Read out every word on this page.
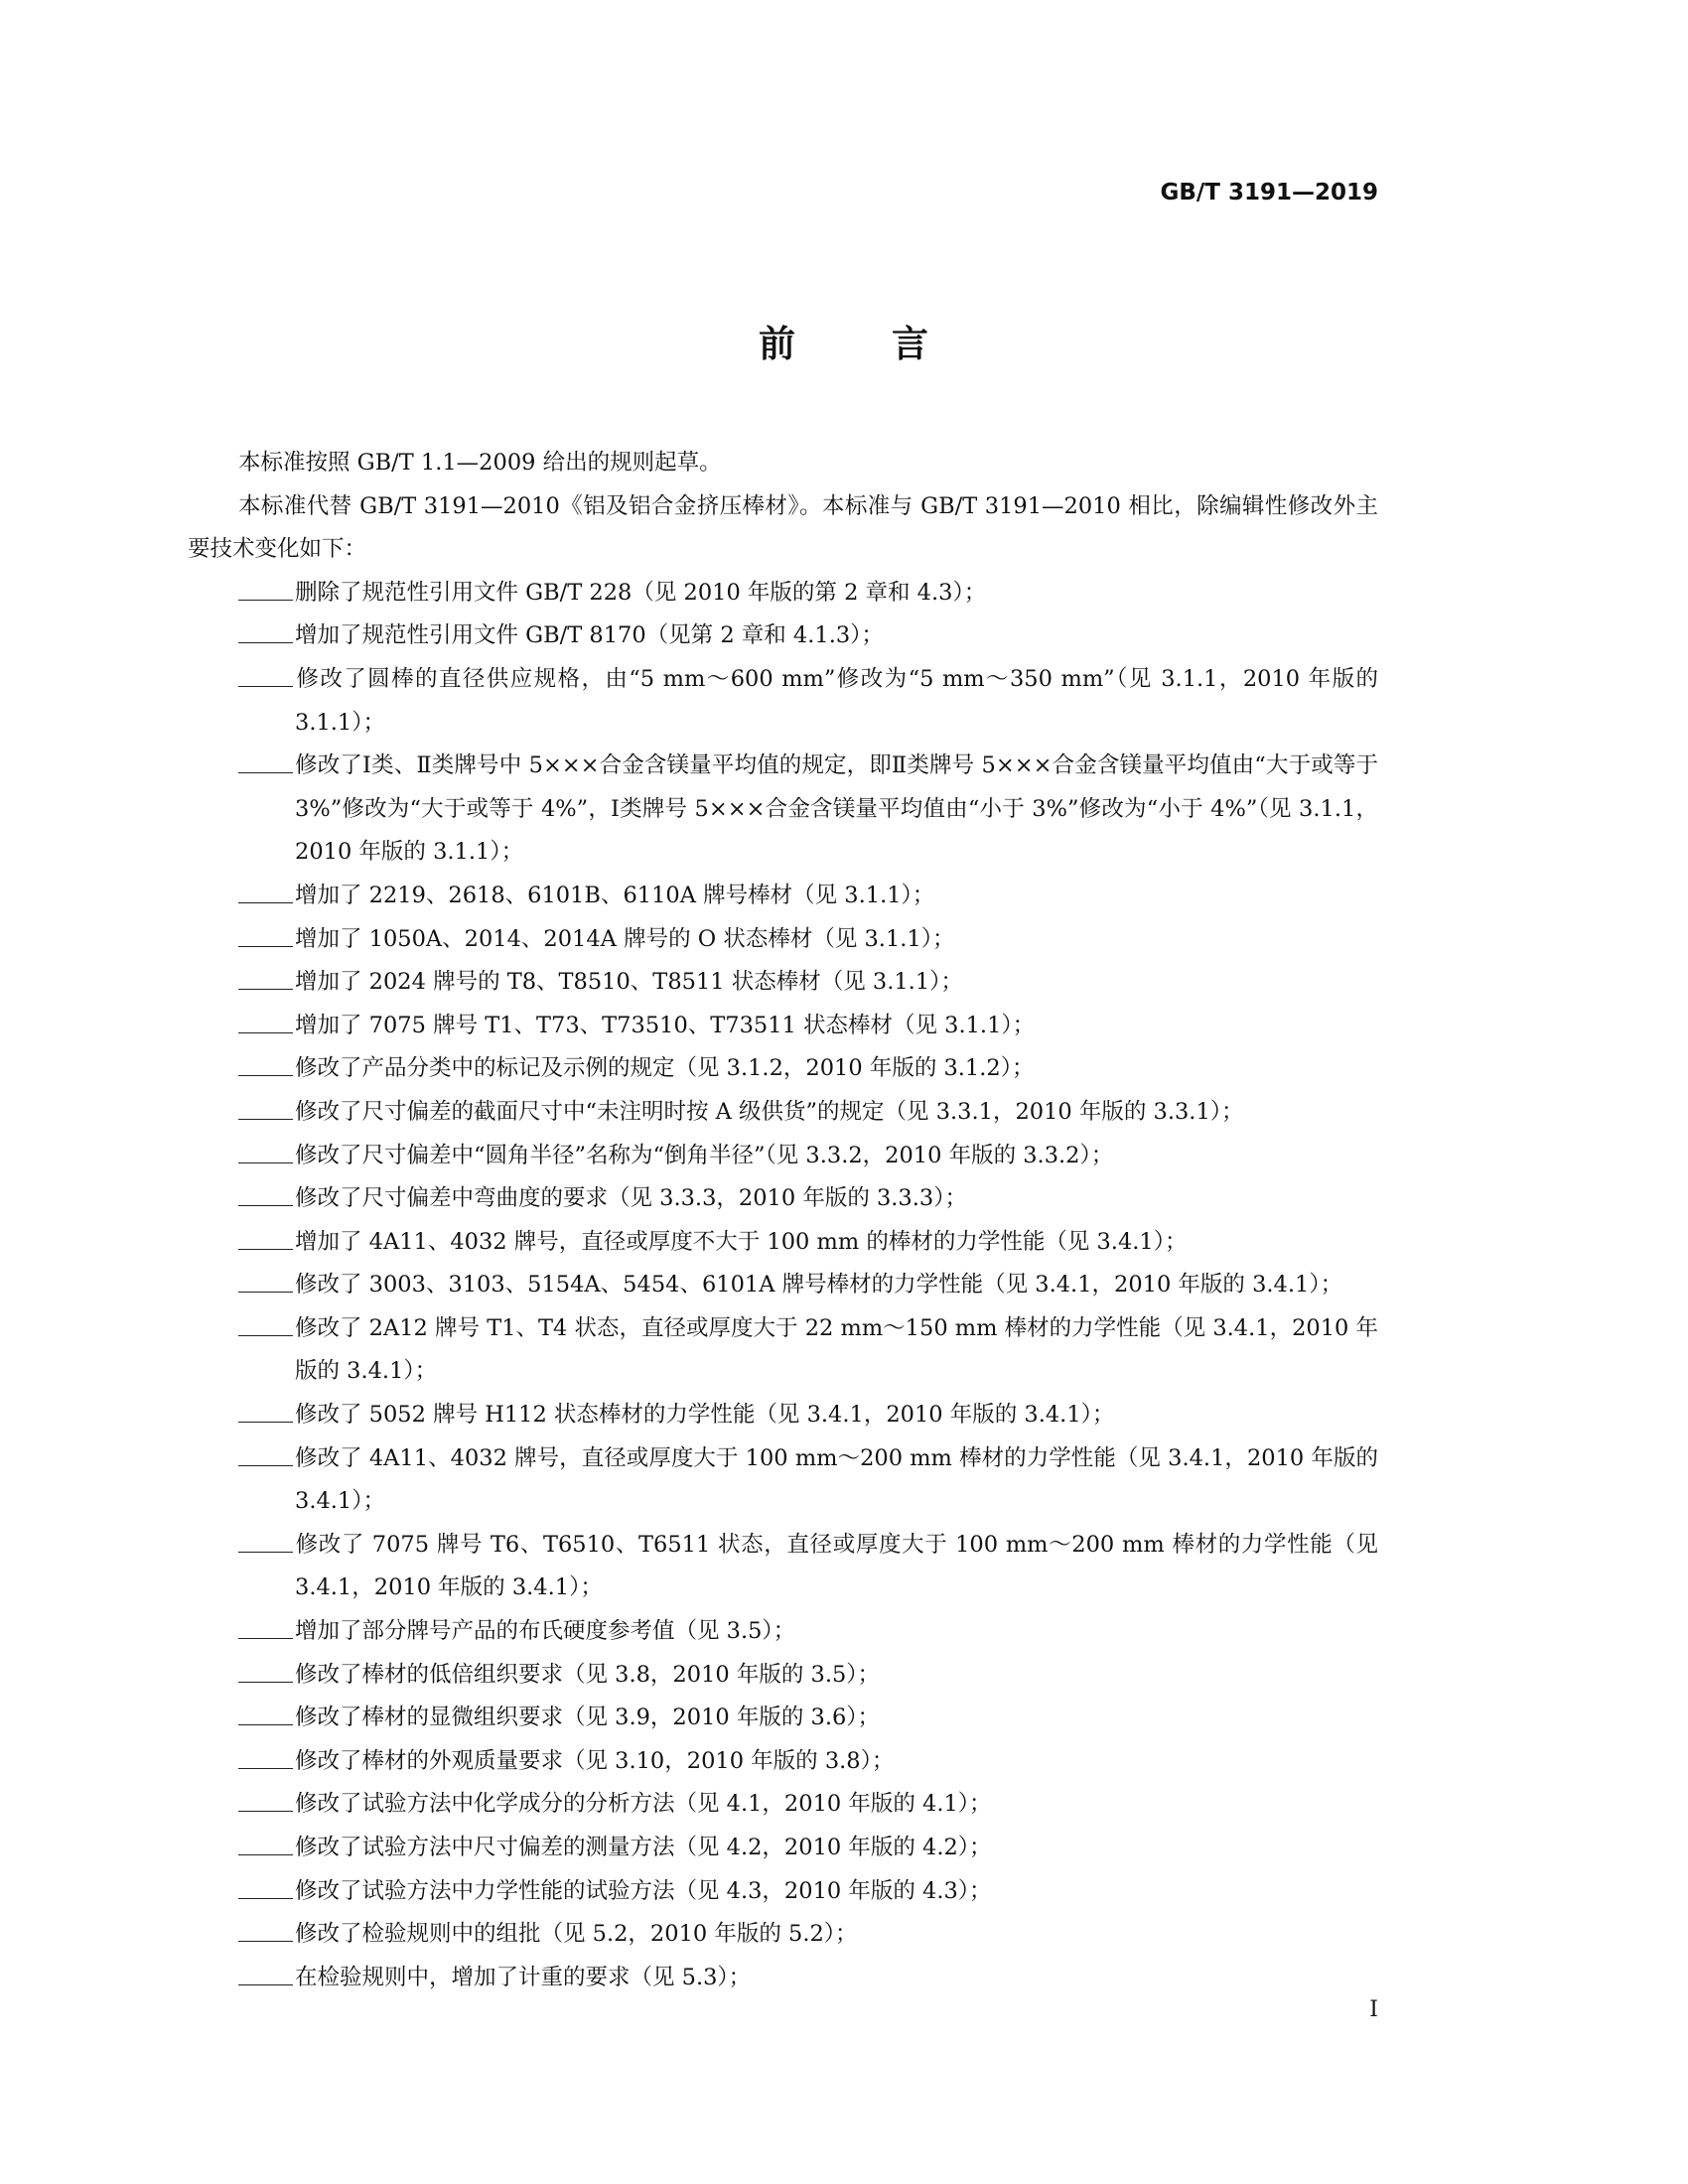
GB/T 3191—2019
前	言

本标准按照 GB/T 1.1—2009 给出的规则起草。

本标准代替 GB/T 3191—2010《铝及铝合金挤压棒材》。本标准与 GB/T 3191—2010 相比，除编辑性修改外主要技术变化如下：

删除了规范性引用文件 GB/T 228（见 2010 年版的第 2 章和 4.3）；

增加了规范性引用文件 GB/T 8170（见第 2 章和 4.1.3）；

修改了圆棒的直径供应规格，由“5 mm～600 mm”修改为“5 mm～350 mm”（见 3.1.1，2010 年版的 3.1.1）；

修改了Ⅰ类、Ⅱ类牌号中 5×××合金含镁量平均值的规定，即Ⅱ类牌号 5×××合金含镁量平均值由“大于或等于 3%”修改为“大于或等于 4%”，Ⅰ类牌号 5×××合金含镁量平均值由“小于 3%”修改为“小于 4%”（见 3.1.1，2010 年版的 3.1.1）；

增加了 2219、2618、6101B、6110A 牌号棒材（见 3.1.1）；

增加了 1050A、2014、2014A 牌号的 O 状态棒材（见 3.1.1）；

增加了 2024 牌号的 T8、T8510、T8511 状态棒材（见 3.1.1）；

增加了 7075 牌号 T1、T73、T73510、T73511 状态棒材（见 3.1.1）；

修改了产品分类中的标记及示例的规定（见 3.1.2，2010 年版的 3.1.2）；

修改了尺寸偏差的截面尺寸中“未注明时按 A 级供货”的规定（见 3.3.1，2010 年版的 3.3.1）；

修改了尺寸偏差中“圆角半径”名称为“倒角半径”（见 3.3.2，2010 年版的 3.3.2）；

修改了尺寸偏差中弯曲度的要求（见 3.3.3，2010 年版的 3.3.3）；

增加了 4A11、4032 牌号，直径或厚度不大于 100 mm 的棒材的力学性能（见 3.4.1）；

修改了 3003、3103、5154A、5454、6101A 牌号棒材的力学性能（见 3.4.1，2010 年版的 3.4.1）；

修改了 2A12 牌号 T1、T4 状态，直径或厚度大于 22 mm～150 mm 棒材的力学性能（见 3.4.1，2010 年版的 3.4.1）；

修改了 5052 牌号 H112 状态棒材的力学性能（见 3.4.1，2010 年版的 3.4.1）；

修改了 4A11、4032 牌号，直径或厚度大于 100 mm～200 mm 棒材的力学性能（见 3.4.1，2010 年版的 3.4.1）；

修改了 7075 牌号 T6、T6510、T6511 状态，直径或厚度大于 100 mm～200 mm 棒材的力学性能（见 3.4.1，2010 年版的 3.4.1）；

增加了部分牌号产品的布氏硬度参考值（见 3.5）；

修改了棒材的低倍组织要求（见 3.8，2010 年版的 3.5）；

修改了棒材的显微组织要求（见 3.9，2010 年版的 3.6）；

修改了棒材的外观质量要求（见 3.10，2010 年版的 3.8）；

修改了试验方法中化学成分的分析方法（见 4.1，2010 年版的 4.1）；

修改了试验方法中尺寸偏差的测量方法（见 4.2，2010 年版的 4.2）；

修改了试验方法中力学性能的试验方法（见 4.3，2010 年版的 4.3）；

修改了检验规则中的组批（见 5.2，2010 年版的 5.2）；

在检验规则中，增加了计重的要求（见 5.3）；

I
